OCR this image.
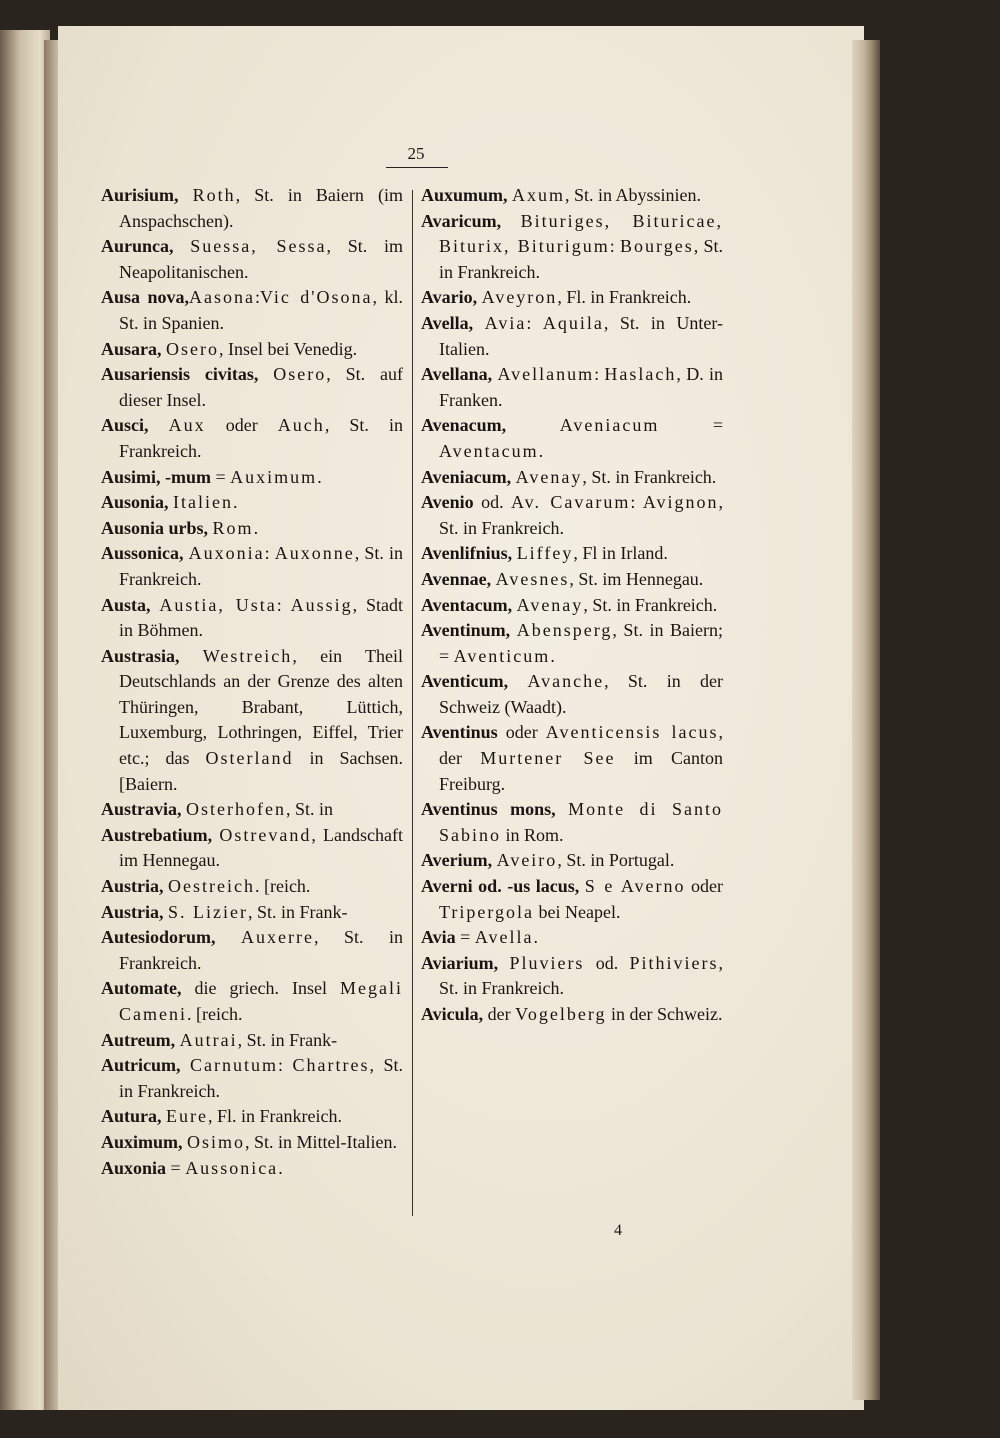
25
Aurisium, Roth, St. in Baiern (im Anspachschen).
Aurunca, Suessa, Sessa, St. im Neapolitanischen.
Ausa nova,Aasona:Vic d'Osona, kl. St. in Spanien.
Ausara, Osero, Insel bei Venedig.
Ausariensis civitas, Osero, St. auf dieser Insel.
Ausci, Aux oder Auch, St. in Frankreich.
Ausimi, -mum = Auximum.
Ausonia, Italien.
Ausonia urbs, Rom.
Aussonica, Auxonia: Auxonne, St. in Frankreich.
Austa, Austia, Usta: Aussig, Stadt in Böhmen.
Austrasia, Westreich, ein Theil Deutschlands an der Grenze des alten Thüringen, Brabant, Lüttich, Luxemburg, Lothringen, Eiffel, Trier etc.; das Osterland in Sachsen. [Baiern.
Austravia, Osterhofen, St. in
Austrebatium, Ostrevand, Landschaft im Hennegau.
Austria, Oestreich. [reich.
Austria, S. Lizier, St. in Frank-
Autesiodorum, Auxerre, St. in Frankreich.
Automate, die griech. Insel Megali Cameni. [reich.
Autreum, Autrai, St. in Frank-
Autricum, Carnutum: Chartres, St. in Frankreich.
Autura, Eure, Fl. in Frankreich.
Auximum, Osimo, St. in Mittel-Italien.
Auxonia = Aussonica.
Auxumum, Axum, St. in Abyssinien.
Avaricum, Bituriges, Bituricae, Biturix, Biturigum: Bourges, St. in Frankreich.
Avario, Aveyron, Fl. in Frankreich.
Avella, Avia: Aquila, St. in Unter-Italien.
Avellana, Avellanum: Haslach, D. in Franken.
Avenacum,	Aveniacum = Aventacum.
Aveniacum, Avenay, St. in Frankreich.
Avenio od. Av. Cavarum: Avignon, St. in Frankreich.
Avenlifnius, Liffey, Fl in Irland.
Avennae, Avesnes, St. im Hennegau.
Aventacum, Avenay, St. in Frankreich.
Aventinum, Abensperg, St. in Baiern; = Aventicum.
Aventicum, Avanche, St. in der Schweiz (Waadt).
Aventinus oder Aventicensis lacus, der Murtener See im Canton Freiburg.
Aventinus mons, Monte di Santo Sabino in Rom.
Averium, Aveiro, St. in Portugal.
Averni od. -us lacus, S e Averno oder Tripergola bei Neapel.
Avia = Avella.
Aviarium, Pluviers od. Pithiviers, St. in Frankreich.
Avicula, der Vogelberg in der Schweiz.
4
